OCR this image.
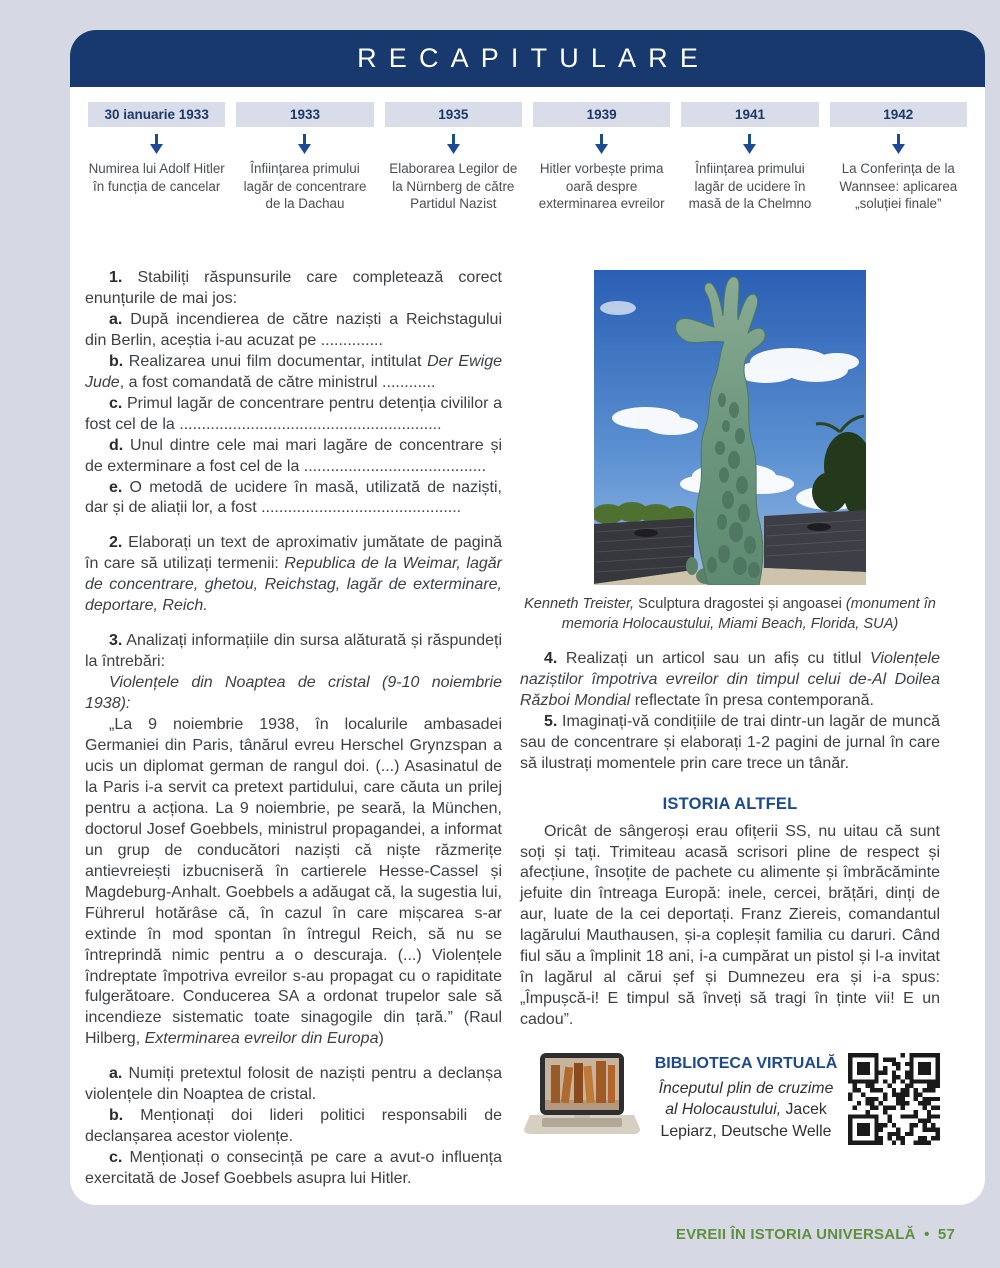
RECAPITULARE
30 ianuarie 1933
Numirea lui Adolf Hitler în funcția de cancelar
1933
Înființarea primului lagăr de concentrare de la Dachau
1935
Elaborarea Legilor de la Nürnberg de către Partidul Nazist
1939
Hitler vorbește prima oară despre exterminarea evreilor
1941
Înființarea primului lagăr de ucidere în masă de la Chelmno
1942
La Conferința de la Wannsee: aplicarea „soluției finale”

1. Stabiliți răspunsurile care completează corect enunțurile de mai jos:

a. După incendierea de către naziști a Reichstagului din Berlin, aceștia i-au acuzat pe ..............

b. Realizarea unui film documentar, intitulat Der Ewige Jude, a fost comandată de către ministrul ............

c. Primul lagăr de concentrare pentru detenția civililor a fost cel de la ...........................................................

d. Unul dintre cele mai mari lagăre de concentrare și de exterminare a fost cel de la .........................................

e. O metodă de ucidere în masă, utilizată de naziști, dar și de aliații lor, a fost .............................................

2. Elaborați un text de aproximativ jumătate de pagină în care să utilizați termenii: Republica de la Weimar, lagăr de concentrare, ghetou, Reichstag, lagăr de exterminare, deportare, Reich.

3. Analizați informațiile din sursa alăturată și răspundeți la întrebări:

Violențele din Noaptea de cristal (9-10 noiembrie 1938):

„La 9 noiembrie 1938, în localurile ambasadei Germaniei din Paris, tânărul evreu Herschel Grynzspan a ucis un diplomat german de rangul doi. (...) Asasinatul de la Paris i-a servit ca pretext partidului, care căuta un prilej pentru a acționa. La 9 noiembrie, pe seară, la München, doctorul Josef Goebbels, ministrul propagandei, a informat un grup de conducători naziști că niște răzmerițe antievreiești izbucniseră în cartierele Hesse-Cassel și Magdeburg-Anhalt. Goebbels a adăugat că, la sugestia lui, Führerul hotărâse că, în cazul în care mișcarea s-ar extinde în mod spontan în întregul Reich, să nu se întreprindă nimic pentru a o descuraja. (...) Violențele îndreptate împotriva evreilor s-au propagat cu o rapiditate fulgerătoare. Conducerea SA a ordonat trupelor sale să incendieze sistematic toate sinagogile din țară.” (Raul Hilberg, Exterminarea evreilor din Europa)

a. Numiți pretextul folosit de naziști pentru a declanșa violențele din Noaptea de cristal.

b. Menționați doi lideri politici responsabili de declanșarea acestor violențe.

c. Menționați o consecință pe care a avut-o influența exercitată de Josef Goebbels asupra lui Hitler.

Kenneth Treister, Sculptura dragostei și angoasei (monument în memoria Holocaustului, Miami Beach, Florida, SUA)

4. Realizați un articol sau un afiș cu titlul Violențele naziștilor împotriva evreilor din timpul celui de-Al Doilea Război Mondial reflectate în presa contemporană.

5. Imaginați-vă condițiile de trai dintr-un lagăr de muncă sau de concentrare și elaborați 1-2 pagini de jurnal în care să ilustrați momentele prin care trece un tânăr.

ISTORIA ALTFEL

Oricât de sângeroși erau ofițerii SS, nu uitau că sunt soți și tați. Trimiteau acasă scrisori pline de respect și afecțiune, însoțite de pachete cu alimente și îmbrăcăminte jefuite din întreaga Europă: inele, cercei, brățări, dinți de aur, luate de la cei deportați. Franz Ziereis, comandantul lagărului Mauthausen, și-a copleșit familia cu daruri. Când fiul său a împlinit 18 ani, i-a cumpărat un pistol și l-a invitat în lagărul al cărui șef și Dumnezeu era și i-a spus: „Împușcă-i! E timpul să înveți să tragi în ținte vii! E un cadou”.

BIBLIOTECA VIRTUALĂ
Începutul plin de cruzime al Holocaustului, Jacek Lepiarz, Deutsche Welle
EVREII ÎN ISTORIA UNIVERSALĂ • 57
